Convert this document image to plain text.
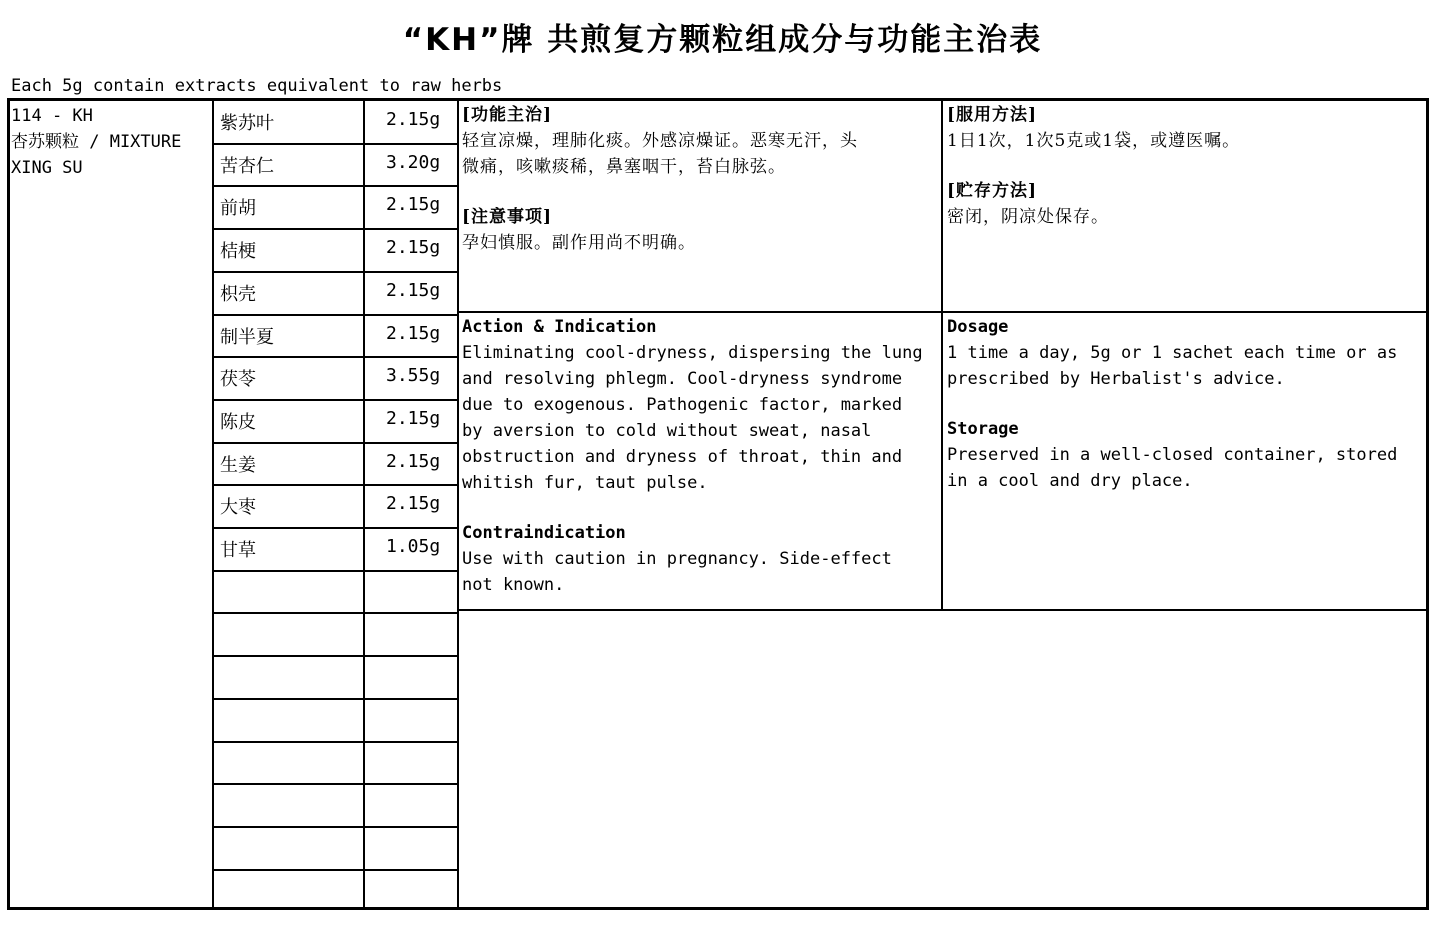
“KH”牌 共煎复方颗粒组成分与功能主治表
Each 5g contain extracts equivalent to raw herbs
114 - KH
杏苏颗粒 / MIXTURE
XING SU
紫苏叶	2.15g
苦杏仁	3.20g
前胡	2.15g
桔梗	2.15g
枳壳	2.15g
制半夏	2.15g
茯苓	3.55g
陈皮	2.15g
生姜	2.15g
大枣	2.15g
甘草	1.05g
[功能主治]
轻宣凉燥，理肺化痰。外感凉燥证。恶寒无汗，头
微痛，咳嗽痰稀，鼻塞咽干，苔白脉弦。
[注意事项]
孕妇慎服。副作用尚不明确。
[服用方法]
1日1次，1次5克或1袋，或遵医嘱。
[贮存方法]
密闭，阴凉处保存。
Action & Indication
Eliminating cool-dryness, dispersing the lung
and resolving phlegm. Cool-dryness syndrome
due to exogenous. Pathogenic factor, marked
by aversion to cold without sweat, nasal
obstruction and dryness of throat, thin and
whitish fur, taut pulse.
Contraindication
Use with caution in pregnancy. Side-effect
not known.
Dosage
1 time a day, 5g or 1 sachet each time or as
prescribed by Herbalist's advice.
Storage
Preserved in a well-closed container, stored
in a cool and dry place.
